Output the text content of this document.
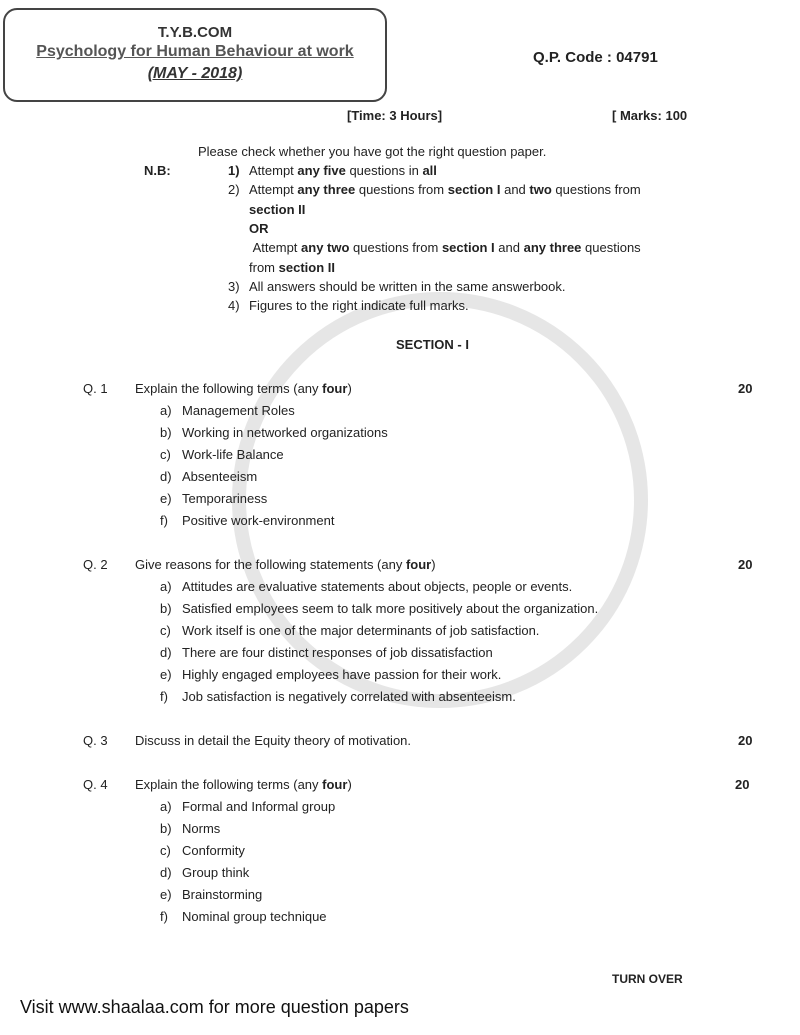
T.Y.B.COM
Psychology for Human Behaviour at work
(MAY - 2018)
Q.P. Code : 04791
[Time: 3 Hours]	[ Marks: 100
Please check whether you have got the right question paper.
N.B:	1) Attempt any five questions in all
2) Attempt any three questions from section I and two questions from
section II
OR
Attempt any two questions from section I and any three questions
from section II
3) All answers should be written in the same answerbook.
4) Figures to the right indicate full marks.
SECTION - I
Q. 1 Explain the following terms (any four)	20
a) Management Roles
b) Working in networked organizations
c) Work-life Balance
d) Absenteeism
e) Temporariness
f) Positive work-environment
Q. 2 Give reasons for the following statements (any four)	20
a) Attitudes are evaluative statements about objects, people or events.
b) Satisfied employees seem to talk more positively about the organization.
c) Work itself is one of the major determinants of job satisfaction.
d) There are four distinct responses of job dissatisfaction
e) Highly engaged employees have passion for their work.
f) Job satisfaction is negatively correlated with absenteeism.
Q. 3 Discuss in detail the Equity theory of motivation.	20
Q. 4 Explain the following terms (any four)	20
a) Formal and Informal group
b) Norms
c) Conformity
d) Group think
e) Brainstorming
f) Nominal group technique
TURN OVER
Visit www.shaalaa.com for more question papers
